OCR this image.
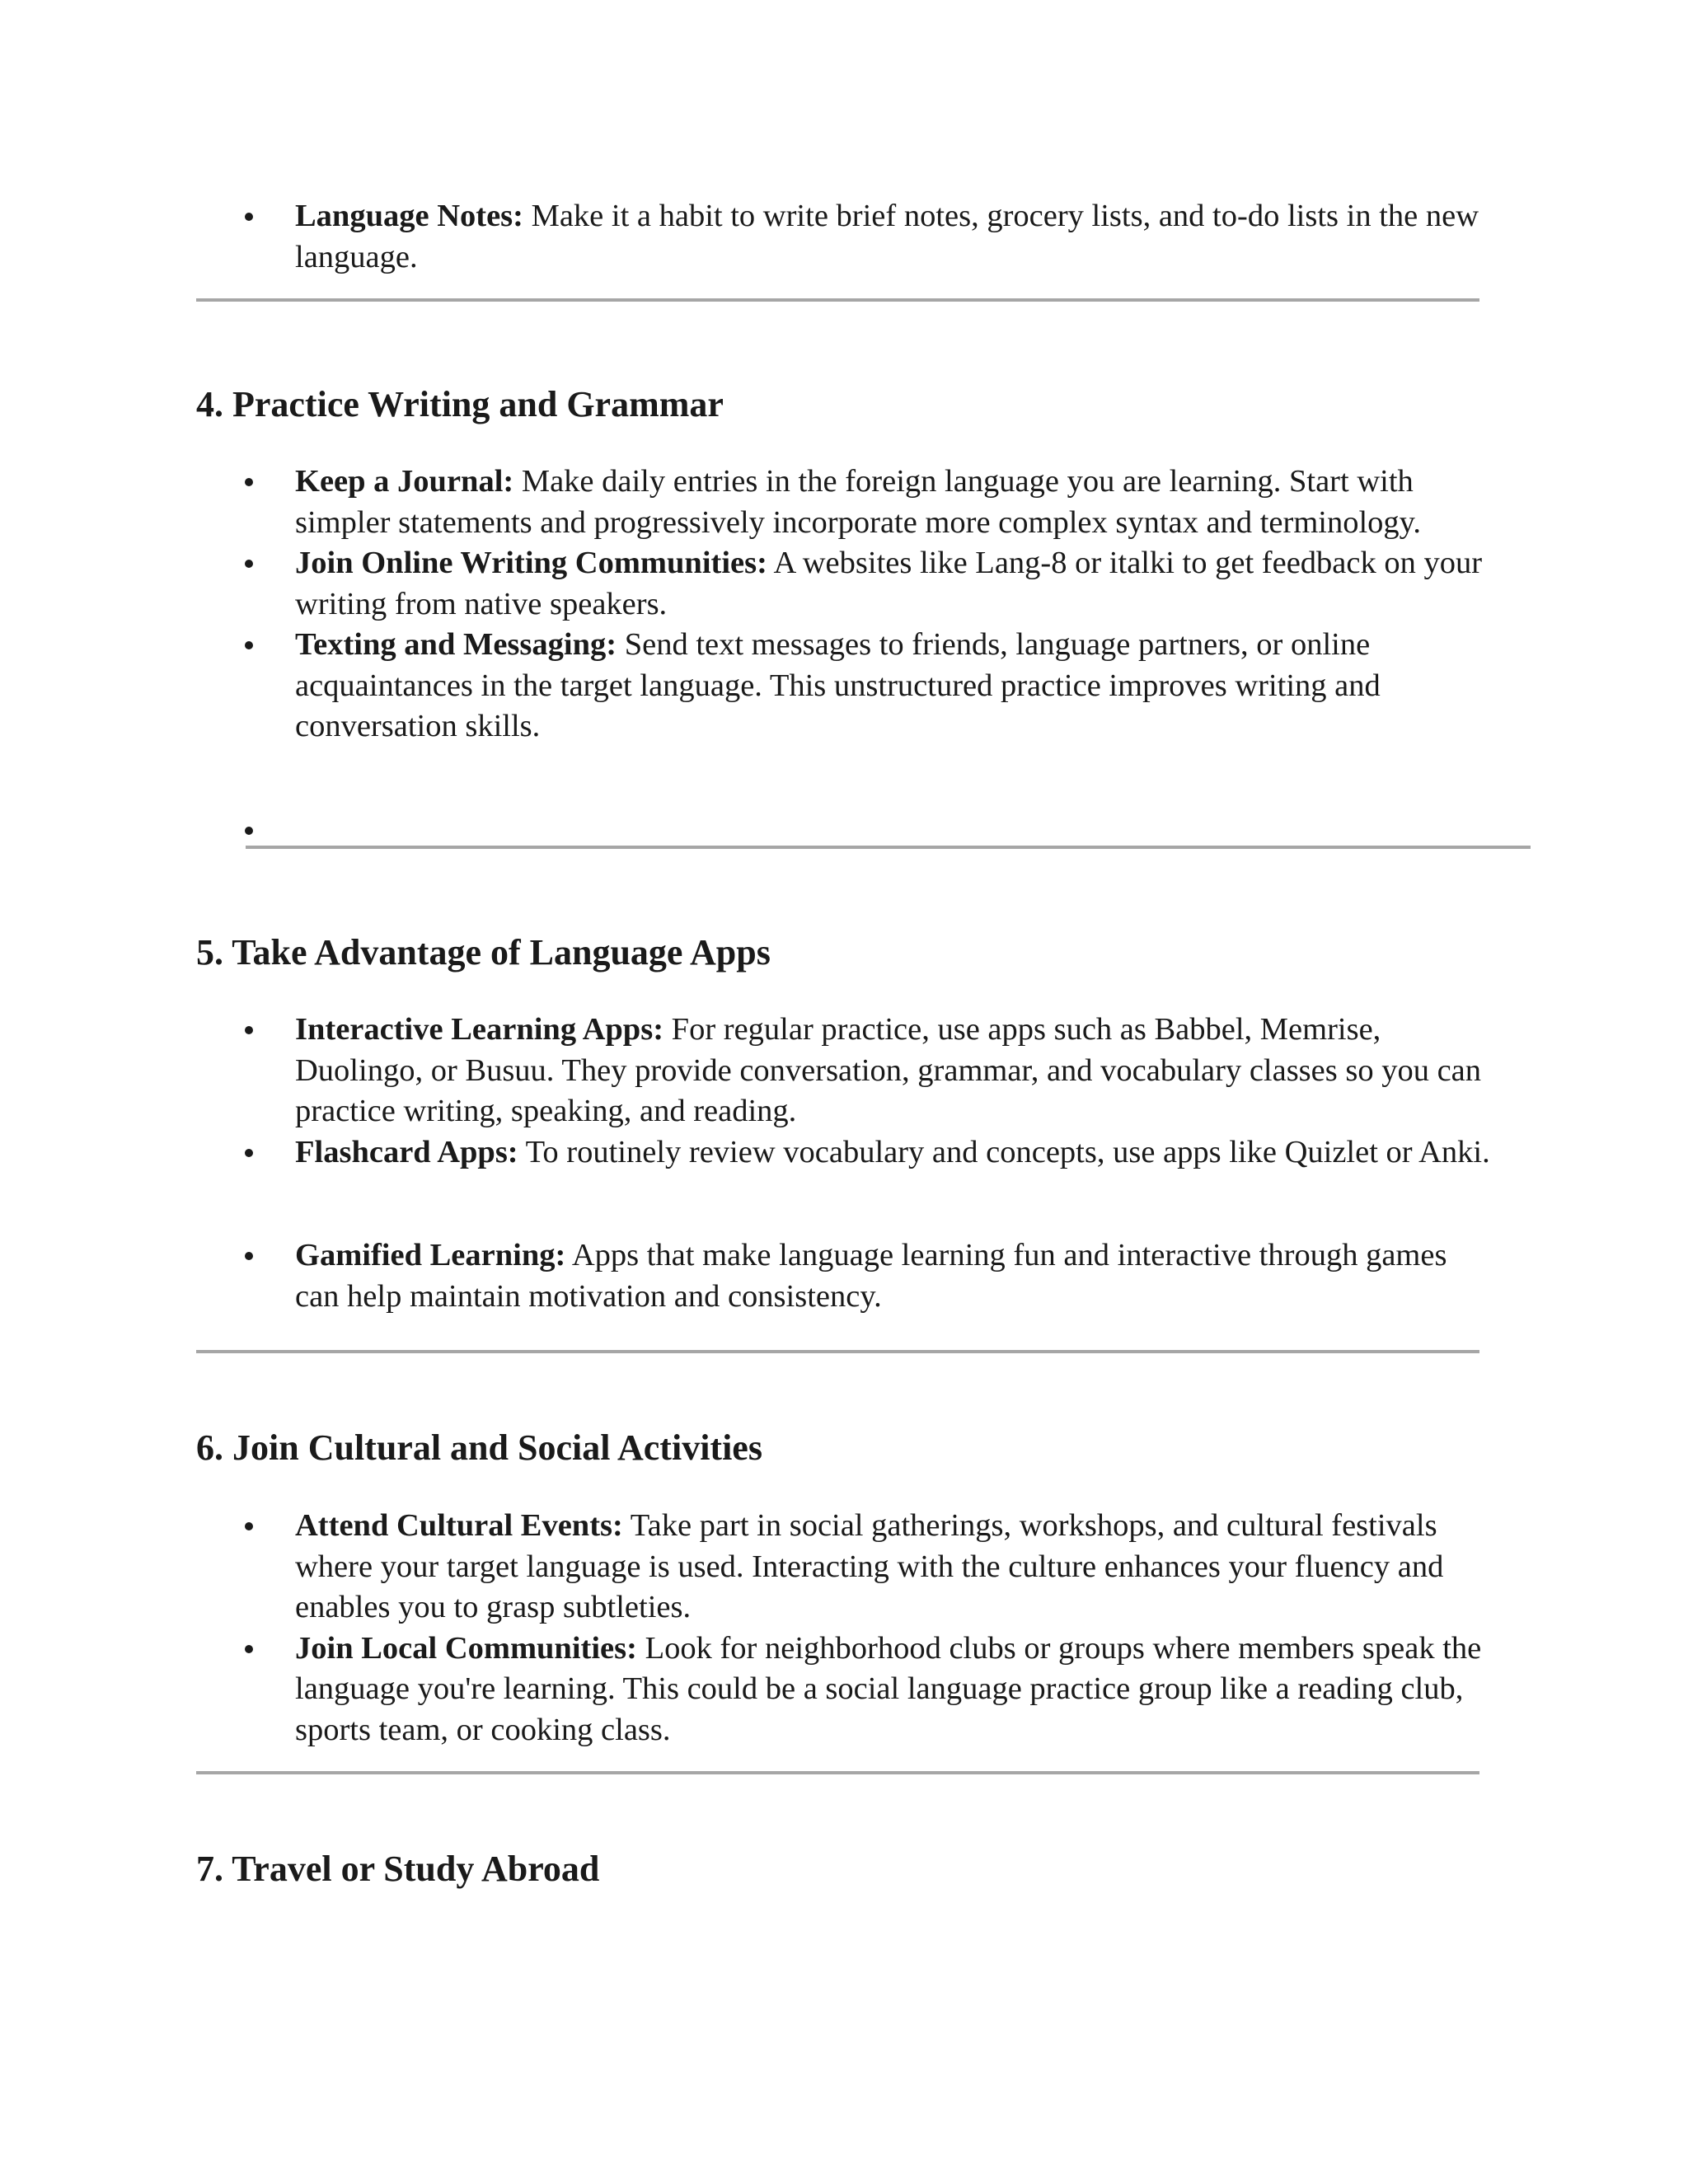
Language Notes: Make it a habit to write brief notes, grocery lists, and to-do lists in the new language.
4. Practice Writing and Grammar
Keep a Journal: Make daily entries in the foreign language you are learning. Start with simpler statements and progressively incorporate more complex syntax and terminology.
Join Online Writing Communities: A websites like Lang-8 or italki to get feedback on your writing from native speakers.
Texting and Messaging: Send text messages to friends, language partners, or online acquaintances in the target language. This unstructured practice improves writing and conversation skills.

5. Take Advantage of Language Apps
Interactive Learning Apps: For regular practice, use apps such as Babbel, Memrise, Duolingo, or Busuu. They provide conversation, grammar, and vocabulary classes so you can practice writing, speaking, and reading.
Flashcard Apps: To routinely review vocabulary and concepts, use apps like Quizlet or Anki.
Gamified Learning: Apps that make language learning fun and interactive through games can help maintain motivation and consistency.
6. Join Cultural and Social Activities
Attend Cultural Events: Take part in social gatherings, workshops, and cultural festivals where your target language is used. Interacting with the culture enhances your fluency and enables you to grasp subtleties.
Join Local Communities: Look for neighborhood clubs or groups where members speak the language you're learning. This could be a social language practice group like a reading club, sports team, or cooking class.
7. Travel or Study Abroad
